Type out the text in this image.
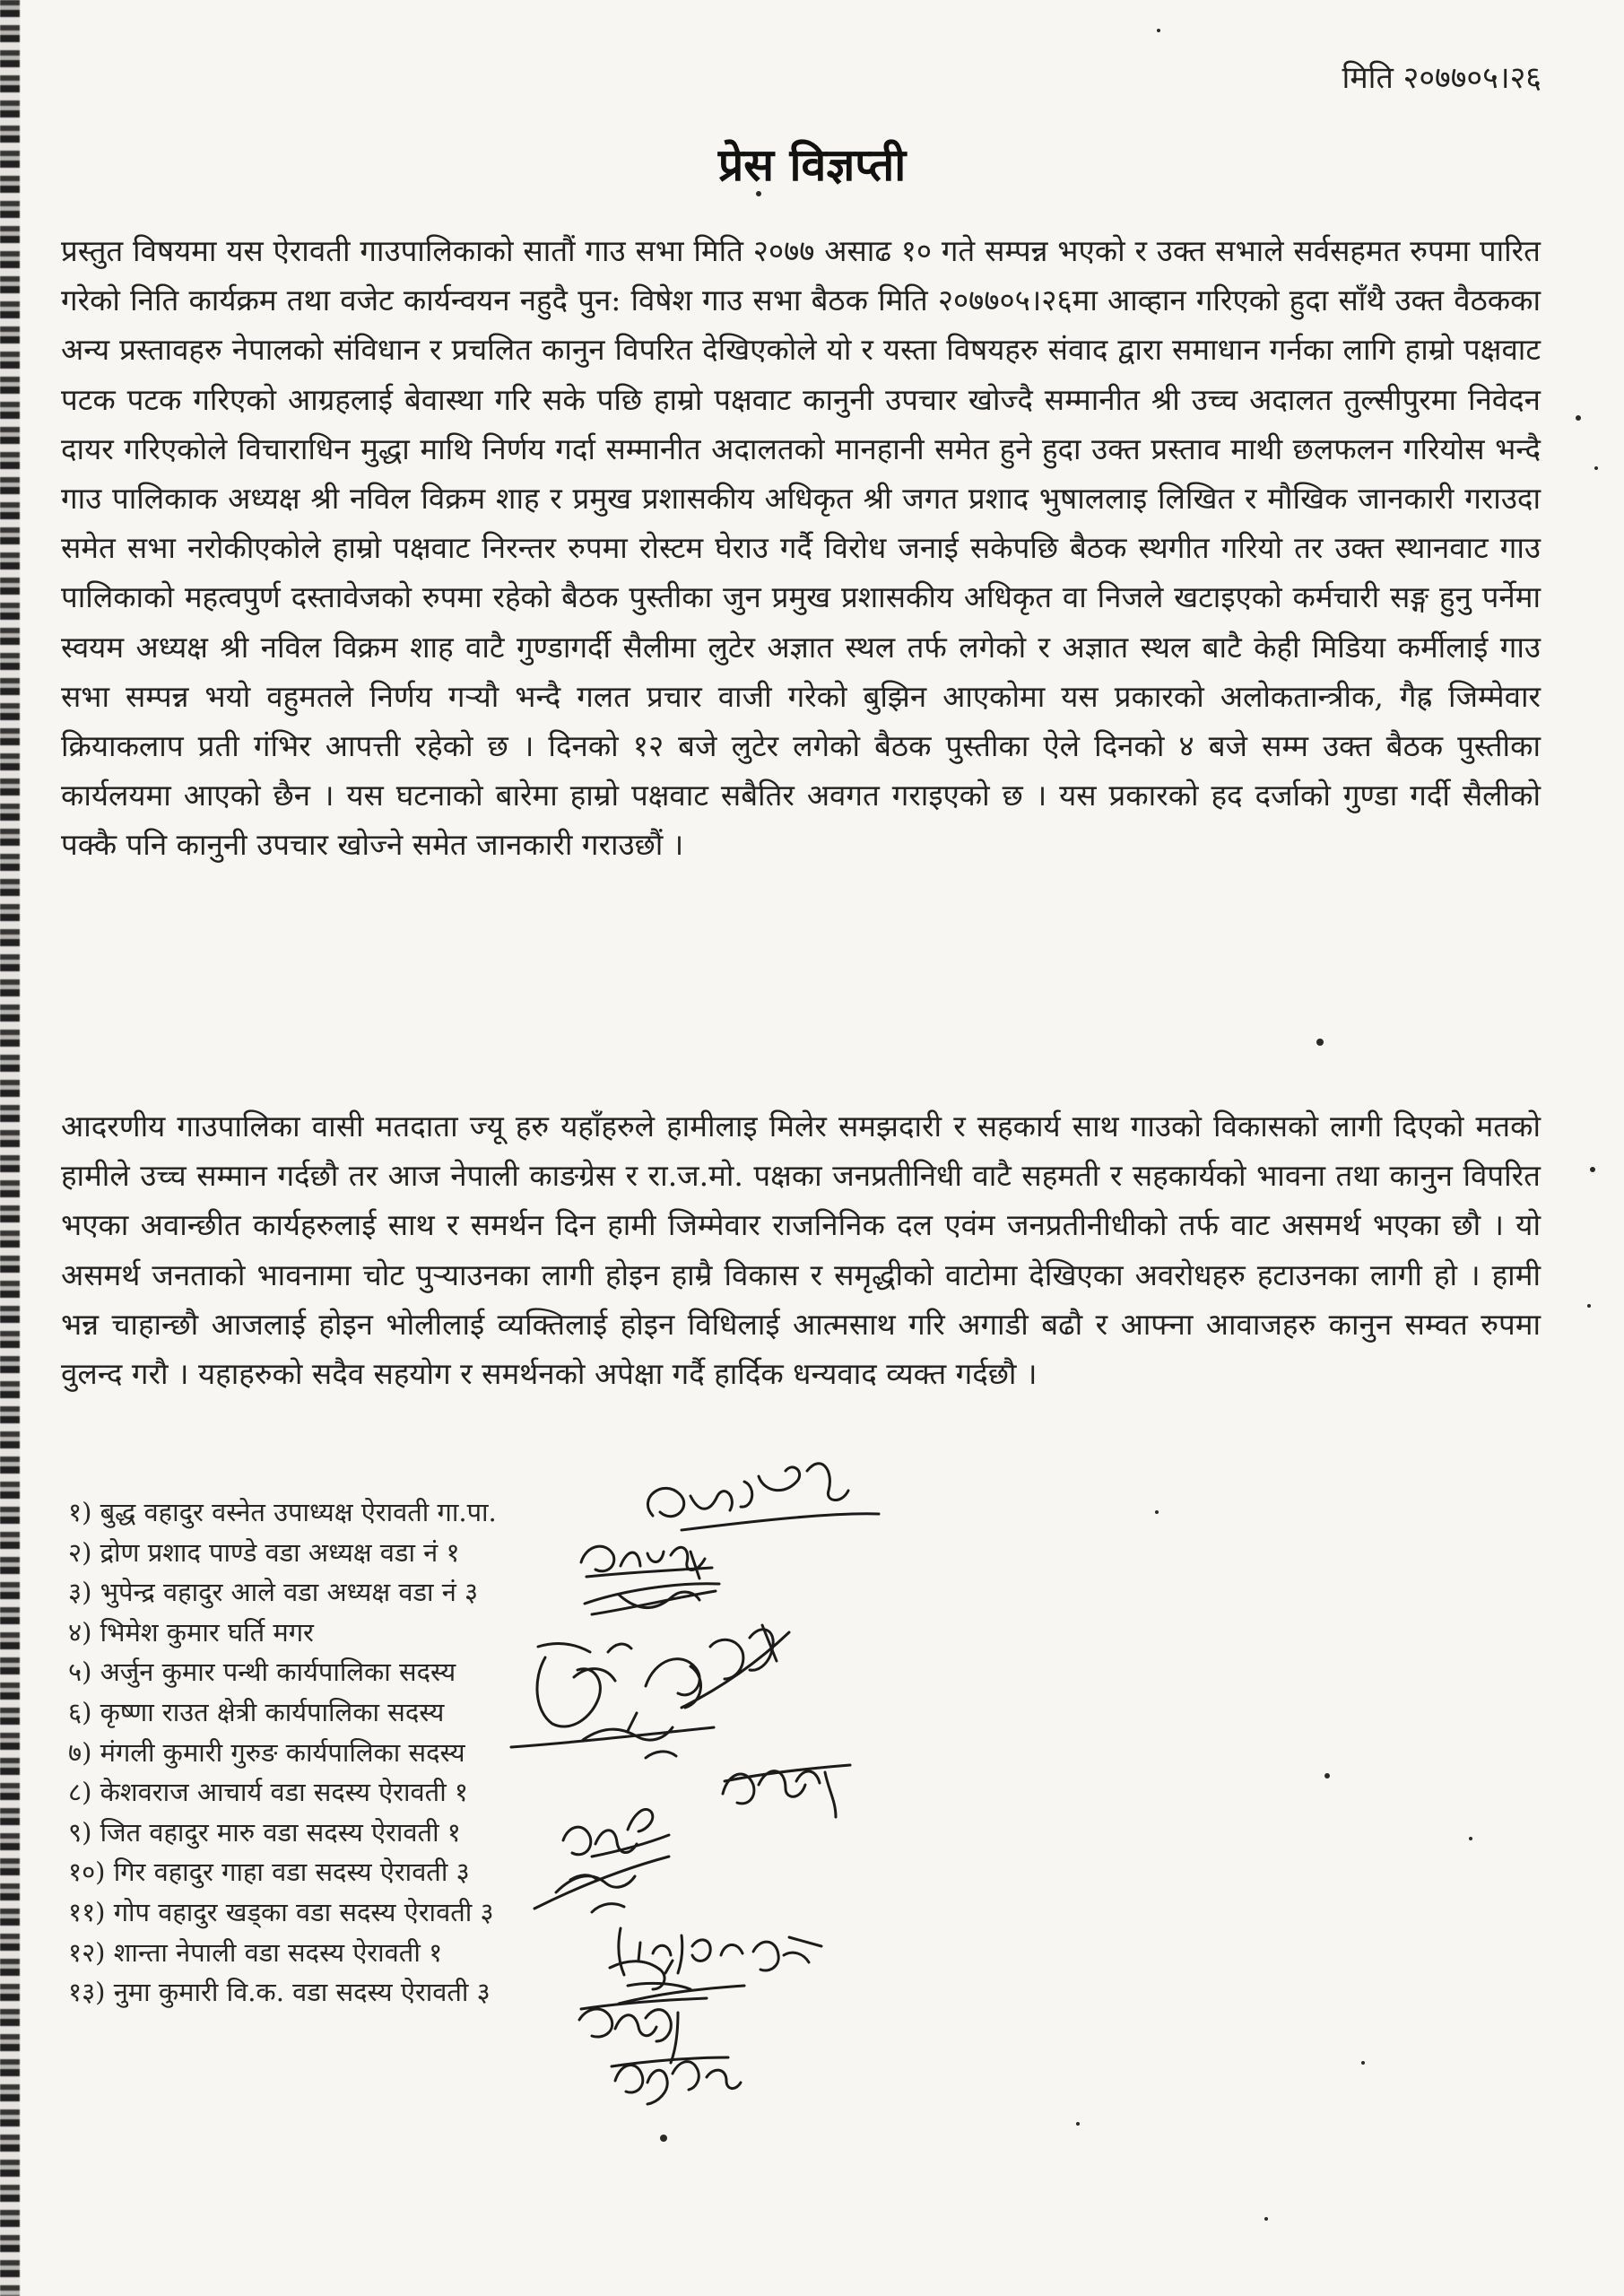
मिति २०७७०५।२६
प्रेस विज्ञप्ती

प्रस्तुत विषयमा यस ऐरावती गाउपालिकाको सातौं गाउ सभा मिति २०७७ असाढ १० गते सम्पन्न भएको र उक्त सभाले सर्वसहमत रुपमा पारित गरेको निति कार्यक्रम तथा वजेट कार्यन्वयन नहुदै पुन: विषेश गाउ सभा बैठक मिति २०७७०५।२६मा आव्हान गरिएको हुदा साँथै उक्त वैठकका अन्य प्रस्तावहरु नेपालको संविधान र प्रचलित कानुन विपरित देखिएकोले यो र यस्ता विषयहरु संवाद द्वारा समाधान गर्नका लागि हाम्रो पक्षवाट पटक पटक गरिएको आग्रहलाई बेवास्था गरि सके पछि हाम्रो पक्षवाट कानुनी उपचार खोज्दै सम्मानीत श्री उच्च अदालत तुल्सीपुरमा निवेदन दायर गरिएकोले विचाराधिन मुद्धा माथि निर्णय गर्दा सम्मानीत अदालतको मानहानी समेत हुने हुदा उक्त प्रस्ताव माथी छलफलन गरियोस भन्दै गाउ पालिकाक अध्यक्ष श्री नविल विक्रम शाह र प्रमुख प्रशासकीय अधिकृत श्री जगत प्रशाद भुषाललाइ लिखित र मौखिक जानकारी गराउदा समेत सभा नरोकीएकोले हाम्रो पक्षवाट निरन्तर रुपमा रोस्टम घेराउ गर्दै विरोध जनाई सकेपछि बैठक स्थगीत गरियो तर उक्त स्थानवाट गाउ पालिकाको महत्वपुर्ण दस्तावेजको रुपमा रहेको बैठक पुस्तीका जुन प्रमुख प्रशासकीय अधिकृत वा निजले खटाइएको कर्मचारी सङ्ग हुनु पर्नेमा स्वयम अध्यक्ष श्री नविल विक्रम शाह वाटै गुण्डागर्दी सैलीमा लुटेर अज्ञात स्थल तर्फ लगेको र अज्ञात स्थल बाटै केही मिडिया कर्मीलाई गाउ सभा सम्पन्न भयो वहुमतले निर्णय गर्‍यौ भन्दै गलत प्रचार वाजी गरेको बुझिन आएकोमा यस प्रकारको अलोकतान्त्रीक, गैह्र जिम्मेवार क्रियाकलाप प्रती गंभिर आपत्ती रहेको छ । दिनको १२ बजे लुटेर लगेको बैठक पुस्तीका ऐले दिनको ४ बजे सम्म उक्त बैठक पुस्तीका कार्यलयमा आएको छैन । यस घटनाको बारेमा हाम्रो पक्षवाट सबैतिर अवगत गराइएको छ । यस प्रकारको हद दर्जाको गुण्डा गर्दी सैलीको पक्कै पनि कानुनी उपचार खोज्ने समेत जानकारी गराउछौं ।

आदरणीय गाउपालिका वासी मतदाता ज्यू हरु यहाँहरुले हामीलाइ मिलेर समझदारी र सहकार्य साथ गाउको विकासको लागी दिएको मतको हामीले उच्च सम्मान गर्दछौ तर आज नेपाली काङग्रेस र रा.ज.मो. पक्षका जनप्रतीनिधी वाटै सहमती र सहकार्यको भावना तथा कानुन विपरित भएका अवान्छीत कार्यहरुलाई साथ र समर्थन दिन हामी जिम्मेवार राजनिनिक दल एवंम जनप्रतीनीधीको तर्फ वाट असमर्थ भएका छौ । यो असमर्थ जनताको भावनामा चोट पुर्‍याउनका लागी होइन हाम्रै विकास र समृद्धीको वाटोमा देखिएका अवरोधहरु हटाउनका लागी हो । हामी भन्न चाहान्छौ आजलाई होइन भोलीलाई व्यक्तिलाई होइन विधिलाई आत्मसाथ गरि अगाडी बढौ र आफ्ना आवाजहरु कानुन सम्वत रुपमा वुलन्द गरौ । यहाहरुको सदैव सहयोग र समर्थनको अपेक्षा गर्दै हार्दिक धन्यवाद व्यक्त गर्दछौ ।

१) बुद्ध वहादुर वस्नेत उपाध्यक्ष ऐरावती गा.पा.
२) द्रोण प्रशाद पाण्डे वडा अध्यक्ष वडा नं १
३) भुपेन्द्र वहादुर आले वडा अध्यक्ष वडा नं ३
४) भिमेश कुमार घर्ति मगर
५) अर्जुन कुमार पन्थी कार्यपालिका सदस्य
६) कृष्णा राउत क्षेत्री कार्यपालिका सदस्य
७) मंगली कुमारी गुरुङ कार्यपालिका सदस्य
८) केशवराज आचार्य वडा सदस्य ऐरावती १
९) जित वहादुर मारु वडा सदस्य ऐरावती १
१०) गिर वहादुर गाहा वडा सदस्य ऐरावती ३
११) गोप वहादुर खड्का वडा सदस्य ऐरावती ३
१२) शान्ता नेपाली वडा सदस्य ऐरावती १
१३) नुमा कुमारी वि.क. वडा सदस्य ऐरावती ३
